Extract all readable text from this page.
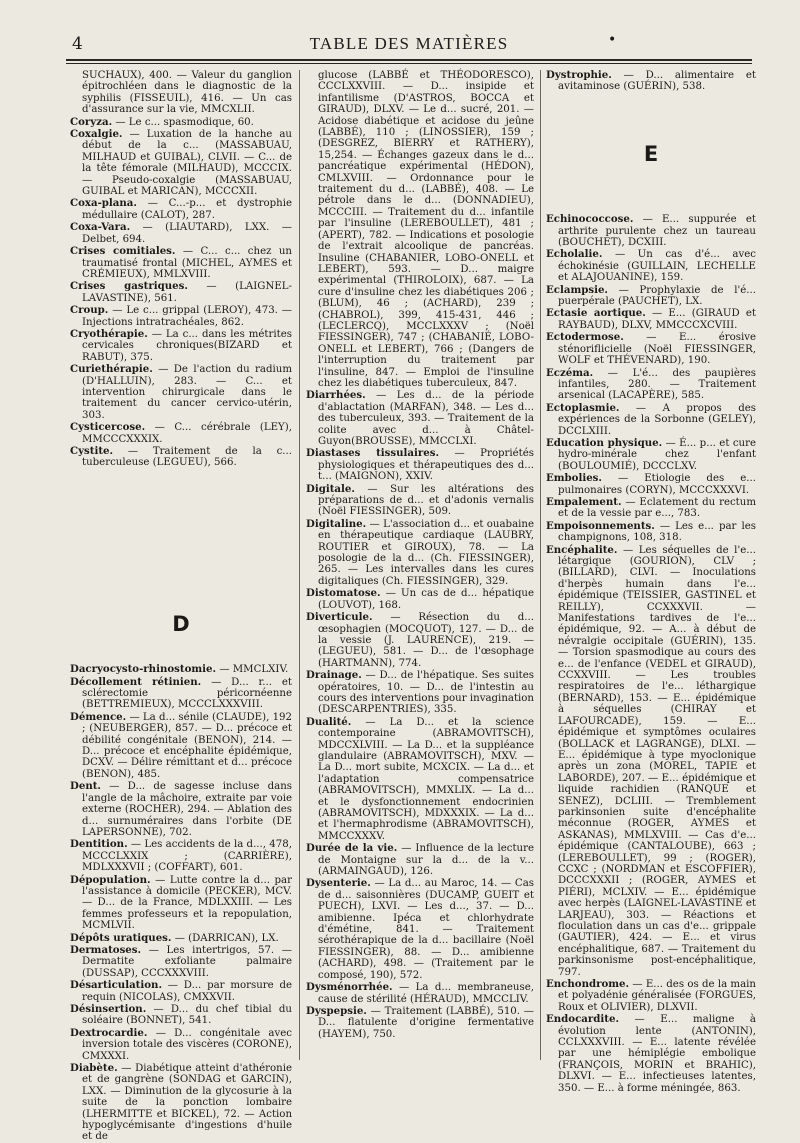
4	TABLE DES MATIÈRES	•

SUCHAUX), 400. — Valeur du ganglion épitrochléen dans le diagnostic de la syphilis (FISSEUIL), 416. — Un cas d'assurance sur la vie, MMCXLII.

Coryza. — Le c... spasmodique, 60.

Coxalgie. — Luxation de la hanche au début de la c... (MASSABUAU, MILHAUD et GUIBAL), CLVII. — C... de la tête fémorale (MILHAUD), MCCCIX. — Pseudo-coxalgie (MASSABUAU, GUIBAL et MARICAN), MCCCXII.

Coxa-plana. — C...-p... et dystrophie médullaire (CALOT), 287.

Coxa-Vara. — (LIAUTARD), LXX. — Delbet, 694.

Crises comitiales. — C... c... chez un traumatisé frontal (MICHEL, AYMES et CRÉMIEUX), MMLXVIII.

Crises gastriques. — (LAIGNEL-LAVASTINE), 561.

Croup. — Le c... grippal (LEROY), 473. — Injections intratrachéales, 862.

Cryothérapie. — La c... dans les métrites cervicales chroniques(BIZARD et RABUT), 375.

Curiethérapie. — De l'action du radium (D'HALLUIN), 283. — C... et intervention chirurgicale dans le traitement du cancer cervico-utérin, 303.

Cysticercose. — C... cérébrale (LEY), MMCCCXXXIX.

Cystite. — Traitement de la c... tuberculeuse (LEGUEU), 566.

D

Dacryocysto-rhinostomie. — MMCLXIV.

Décollement rétinien. — D... r... et sclérectomie péricornéenne (BETTREMIEUX), MCCCLXXXVIII.

Démence. — La d... sénile (CLAUDE), 192 ; (NEUBERGER), 857. — D... précoce et débilité congénitale (BENON), 214. — D... précoce et encéphalite épidémique, DCXV. — Délire rémittant et d... précoce (BENON), 485.

Dent. — D... de sagesse incluse dans l'angle de la mâchoire, extraite par voie externe (ROCHER), 294. — Ablation des d... surnuméraires dans l'orbite (DE LAPERSONNE), 702.

Dentition. — Les accidents de la d..., 478, MCCCLXXIX ; (CARRIÈRE), MDLXXXVII ; (COFFART), 601.

Dépopulation. — Lutte contre la d... par l'assistance à domicile (PECKER), MCV. — D... de la France, MDLXXIII. — Les femmes professeurs et la repopulation, MCMLVII.

Dépôts uratiques. — (DARRICAN), LX.

Dermatoses. — Les intertrigos, 57. — Dermatite exfoliante palmaire (DUSSAP), CCCXXXVIII.

Désarticulation. — D... par morsure de requin (NICOLAS), CMXXVII.

Désinsertion. — D... du chef tibial du soléaire (BONNET), 541.

Dextrocardie. — D... congénitale avec inversion totale des viscères (CORONE), CMXXXI.

Diabète. — Diabétique atteint d'athéronie et de gangrène (SONDAG et GARCIN), LXX. — Diminution de la glycosurie à la suite de la ponction lombaire (LHERMITTE et BICKEL), 72. — Action hypoglycémisante d'ingestions d'huile et de

glucose (LABBÉ et THÉODORESCO), CCCLXXVIII. — D... insipide et infantilisme (D'ASTROS, BOCCA et GIRAUD), DLXV. — Le d... sucré, 201. — Acidose diabétique et acidose du jeûne (LABBÉ), 110 ; (LINOSSIER), 159 ; (DESGREZ, BIERRY et RATHERY), 15,254. — Échanges gazeux dans le d... pancréatique expérimental (HÉDON), CMLXVIII. — Ordonnance pour le traitement du d... (LABBÉ), 408. — Le pétrole dans le d... (DONNADIEU), MCCCIII. — Traitement du d... infantile par l'insuline (LEREBOULLET), 481 ; (APERT), 782. — Indications et posologie de l'extrait alcoolique de pancréas. Insuline (CHABANIER, LOBO-ONELL et LEBERT), 593. — D... maigre expérimental (THIROLOIX), 687. — La cure d'insuline chez les diabétiques 206 ; (BLUM), 46 ; (ACHARD), 239 ; (CHABROL), 399, 415-431, 446 ; (LECLERCQ), MCCLXXXV ; (Noël FIESSINGER), 747 ; (CHABANIÉ, LOBO-ONELL et LEBERT), 766 ; (Dangers de l'interruption du traitement par l'insuline, 847. — Emploi de l'insuline chez les diabétiques tuberculeux, 847.

Diarrhées. — Les d... de la période d'ablactation (MARFAN), 348. — Les d... des tuberculeux, 393. — Traitement de la colite avec d... à Châtel-Guyon(BROUSSE), MMCCLXI.

Diastases tissulaires. — Propriétés physiologiques et thérapeutiques des d... t... (MAIGNON), XXIV.

Digitale. — Sur les altérations des préparations de d... et d'adonis vernalis (Noël FIESSINGER), 509.

Digitaline. — L'association d... et ouabaine en thérapeutique cardiaque (LAUBRY, ROUTIER et GIROUX), 78. — La posologie de la d... (Ch. FIESSINGER), 265. — Les intervalles dans les cures digitaliques (Ch. FIESSINGER), 329.

Distomatose. — Un cas de d... hépatique (LOUVOT), 168.

Diverticule. — Résection du d... œsophagien (MOCQUOT), 127. — D... de la vessie (J. LAURENCE), 219. — (LEGUEU), 581. — D... de l'œsophage (HARTMANN), 774.

Drainage. — D... de l'hépatique. Ses suites opératoires, 10. — D... de l'intestin au cours des interventions pour invagination (DESCARPENTRIES), 335.

Dualité. — La D... et la science contemporaine (ABRAMOVITSCH), MDCCXLVIII. — La D... et la suppléance glandulaire (ABRAMOVITSCH), MXV. — La D... mort subite, MCXCIX. — La d... et l'adaptation compensatrice (ABRAMOVITSCH), MMXLIX. — La d... et le dysfonctionnement endocrinien (ABRAMOVITSCH), MDXXXIX. — La d... et l'hermaphrodisme (ABRAMOVITSCH), MMCCXXXV.

Durée de la vie. — Influence de la lecture de Montaigne sur la d... de la v... (ARMAINGAUD), 126.

Dysenterie. — La d... au Maroc, 14. — Cas de d... saisonnières (DUCAMP, GUEIT et PUECH), LXVI. — Les d..., 37. — D... amibienne. Ipéca et chlorhydrate d'émétine, 841. — Traitement sérothérapique de la d... bacillaire (Noël FIESSINGER), 88. — D... amibienne (ACHARD), 498. — (Traitement par le composé, 190), 572.

Dysménorrhée. — La d... membraneuse, cause de stérilité (HÉRAUD), MMCCLIV.

Dyspepsie. — Traitement (LABBÉ), 510. — D... flatulente d'origine fermentative (HAYEM), 750.

Dystrophie. — D... alimentaire et avitaminose (GUÉRIN), 538.

E

Echinococcose. — E... suppurée et arthrite purulente chez un taureau (BOUCHET), DCXIII.

Echolalie. — Un cas d'é... avec échokinésie (GUILLAIN, LECHELLE et ALAJOUANINE), 159.

Eclampsie. — Prophylaxie de l'é... puerpérale (PAUCHET), LX.

Ectasie aortique. — E... (GIRAUD et RAYBAUD), DLXV, MMCCCXCVIII.

Ectodermose. — E... érosive sténoriflicielle (Noël FIESSINGER, WOLF et THÉVENARD), 190.

Eczéma. — L'é... des paupières infantiles, 280. — Traitement arsenical (LACAPÈRE), 585.

Ectoplasmie. — A propos des expériences de la Sorbonne (GELEY), DCCLXIII.

Education physique. — É... p... et cure hydro-minérale chez l'enfant (BOULOUMIÉ), DCCCLXV.

Embolies. — Etiologie des e... pulmonaires (CORYN), MCCCXXXVI.

Empalement. — Eclatement du rectum et de la vessie par e..., 783.

Empoisonnements. — Les e... par les champignons, 108, 318.

Encéphalite. — Les séquelles de l'e... létargique (GOURION), CLV ; (BILLARD), CLVI. — Inoculations d'herpès humain dans l'e... épidémique (TEISSIER, GASTINEL et REILLY), CCXXXVII. — Manifestations tardives de l'e... épidémique, 92. — A... à début de névralgie occipitale (GUÉRIN), 135. — Torsion spasmodique au cours des e... de l'enfance (VEDEL et GIRAUD), CCXXVIII. — Les troubles respiratoires de l'e... léthargique (BERNARD), 153. — E... épidémique à séquelles (CHIRAY et LAFOURCADE), 159. — E... épidémique et symptômes oculaires (BOLLACK et LAGRANGE), DLXI. — E... épidémique à type myoclonique après un zona (MOREL, TAPIE et LABORDE), 207. — E... épidémique et liquide rachidien (RANQUE et SENEZ), DCLIII. — Tremblement parkinsonien suite d'encéphalite méconnue (ROGER, AYMES et ASKANAS), MMLXVIII. — Cas d'e... épidémique (CANTALOUBE), 663 ; (LEREBOULLET), 99 ; (ROGER), CCXC ; (NORDMAN et ESCOFFIER), DCCCXXXII ; (ROGER, AYMES et PIÉRI), MCLXIV. — E... épidémique avec herpès (LAIGNEL-LAVASTINE et LARJEAU), 303. — Réactions et floculation dans un cas d'e... grippale (GAUTIER), 424. — E... et virus encéphalitique, 687. — Traitement du parkinsonisme post-encéphalitique, 797.

Enchondrome. — E... des os de la main et polyadénie généralisée (FORGUES, Roux et OLIVIER), DLXVII.

Endocardite. — E... maligne à évolution lente (ANTONIN), CCLXXXVIII. — E... latente révélée par une hémiplégie embolique (FRANÇOIS, MORIN et BRAHIC), DLXVI. — E... infectieuses latentes, 350. — E... à forme méningée, 863.
